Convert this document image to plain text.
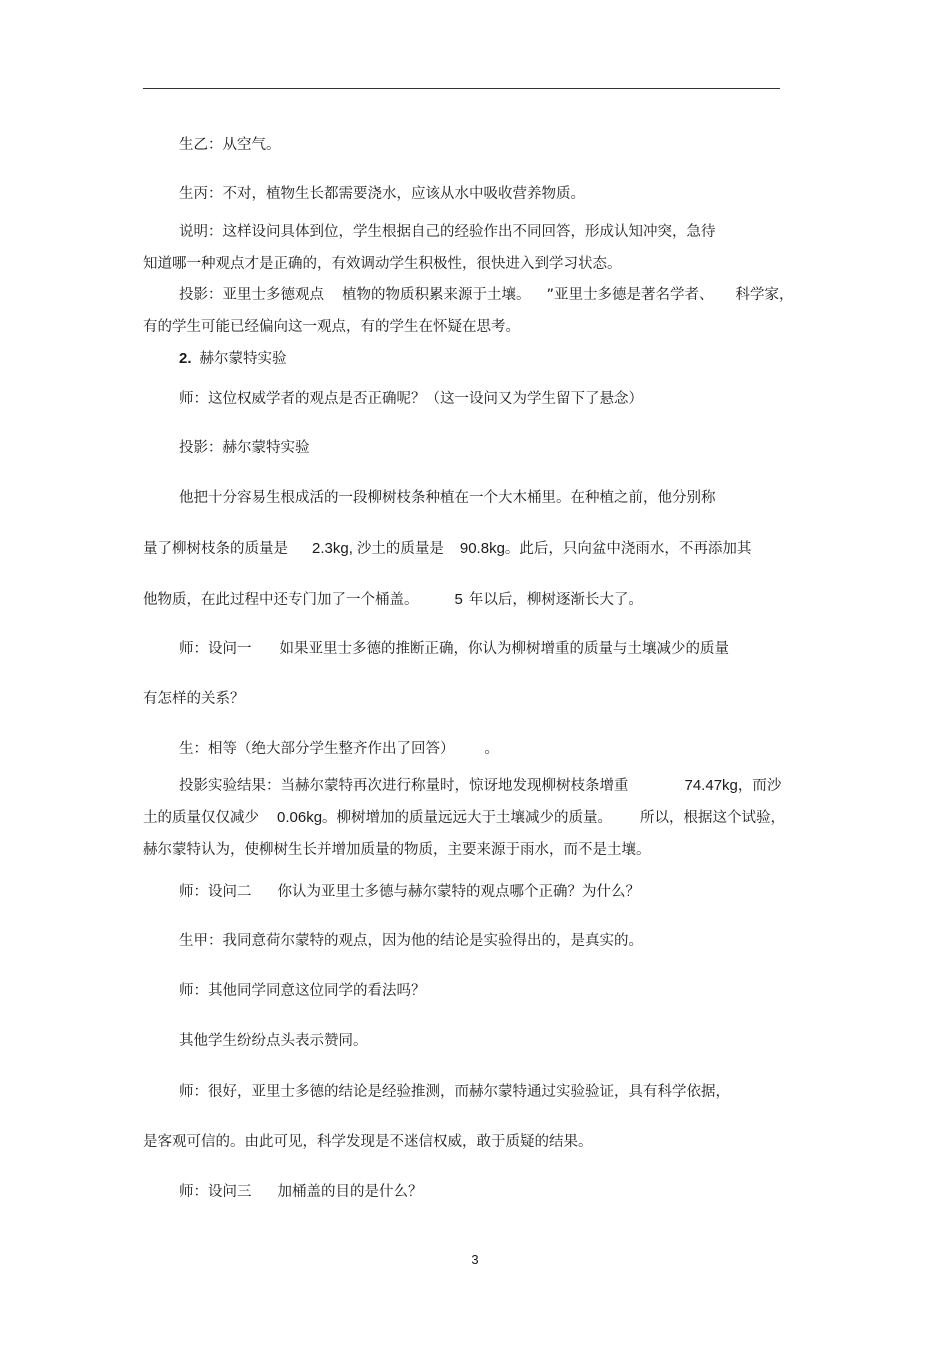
生乙：从空气。

生丙：不对，植物生长都需要浇水，应该从水中吸收营养物质。

说明：这样设问具体到位，学生根据自己的经验作出不同回答，形成认知冲突，急待

知道哪一种观点才是正确的，有效调动学生积极性，很快进入到学习状态。

投影：亚里士多德观点 植物的物质积累来源于土壤。 ”亚里士多德是著名学者、 科学家，

有的学生可能已经偏向这一观点，有的学生在怀疑在思考。

2. 赫尔蒙特实验

师：这位权威学者的观点是否正确呢？（这一设问又为学生留下了悬念）

投影：赫尔蒙特实验

他把十分容易生根成活的一段柳树枝条种植在一个大木桶里。在种植之前，他分别称

量了柳树枝条的质量是 2.3kg, 沙土的质量是 90.8kg。此后，只向盆中浇雨水，不再添加其

他物质，在此过程中还专门加了一个桶盖。 5 年以后，柳树逐渐长大了。

师：设问一 如果亚里士多德的推断正确，你认为柳树增重的质量与土壤减少的质量

有怎样的关系？

生：相等（绝大部分学生整齐作出了回答） 。

投影实验结果：当赫尔蒙特再次进行称量时，惊讶地发现柳树枝条增重	74.47kg，而沙

土的质量仅仅减少 0.06kg。柳树增加的质量远远大于土壤减少的质量。 所以，根据这个试验，

赫尔蒙特认为，使柳树生长并增加质量的物质，主要来源于雨水，而不是土壤。

师：设问二 你认为亚里士多德与赫尔蒙特的观点哪个正确？为什么？

生甲：我同意荷尔蒙特的观点，因为他的结论是实验得出的，是真实的。

师：其他同学同意这位同学的看法吗？

其他学生纷纷点头表示赞同。

师：很好，亚里士多德的结论是经验推测，而赫尔蒙特通过实验验证，具有科学依据，

是客观可信的。由此可见，科学发现是不迷信权威，敢于质疑的结果。

师：设问三 加桶盖的目的是什么？

3
